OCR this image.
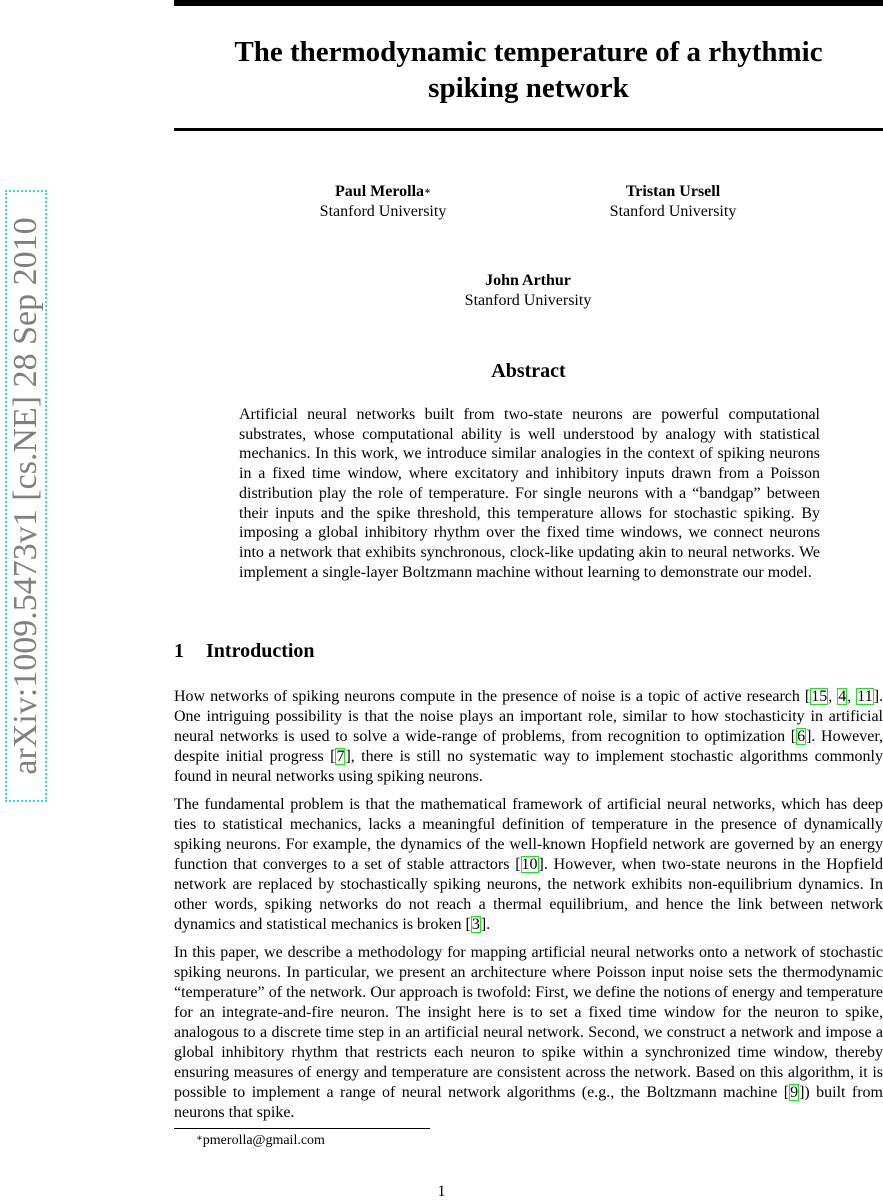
arXiv:1009.5473v1 [cs.NE] 28 Sep 2010
The thermodynamic temperature of a rhythmic
spiking network
Paul Merolla∗
Stanford University
Tristan Ursell
Stanford University
John Arthur
Stanford University
Abstract
Artificial neural networks built from two-state neurons are powerful computational substrates, whose computational ability is well understood by analogy with statistical mechanics. In this work, we introduce similar analogies in the context of spiking neurons in a fixed time window, where excitatory and inhibitory inputs drawn from a Poisson distribution play the role of temperature. For single neurons with a “bandgap” between their inputs and the spike threshold, this temperature allows for stochastic spiking. By imposing a global inhibitory rhythm over the fixed time windows, we connect neurons into a network that exhibits synchronous, clock-like updating akin to neural networks. We implement a single-layer Boltzmann machine without learning to demonstrate our model.
1 Introduction

How networks of spiking neurons compute in the presence of noise is a topic of active research [15, 4, 11]. One intriguing possibility is that the noise plays an important role, similar to how stochasticity in artificial neural networks is used to solve a wide-range of problems, from recognition to optimization [6]. However, despite initial progress [7], there is still no systematic way to implement stochastic algorithms commonly found in neural networks using spiking neurons.

The fundamental problem is that the mathematical framework of artificial neural networks, which has deep ties to statistical mechanics, lacks a meaningful definition of temperature in the presence of dynamically spiking neurons. For example, the dynamics of the well-known Hopfield network are governed by an energy function that converges to a set of stable attractors [10]. However, when two-state neurons in the Hopfield network are replaced by stochastically spiking neurons, the network exhibits non-equilibrium dynamics. In other words, spiking networks do not reach a thermal equilibrium, and hence the link between network dynamics and statistical mechanics is broken [3].

In this paper, we describe a methodology for mapping artificial neural networks onto a network of stochastic spiking neurons. In particular, we present an architecture where Poisson input noise sets the thermodynamic “temperature” of the network. Our approach is twofold: First, we define the notions of energy and temperature for an integrate-and-fire neuron. The insight here is to set a fixed time window for the neuron to spike, analogous to a discrete time step in an artificial neural network. Second, we construct a network and impose a global inhibitory rhythm that restricts each neuron to spike within a synchronized time window, thereby ensuring measures of energy and temperature are consistent across the network. Based on this algorithm, it is possible to implement a range of neural network algorithms (e.g., the Boltzmann machine [9]) built from neurons that spike.

∗pmerolla@gmail.com
1
